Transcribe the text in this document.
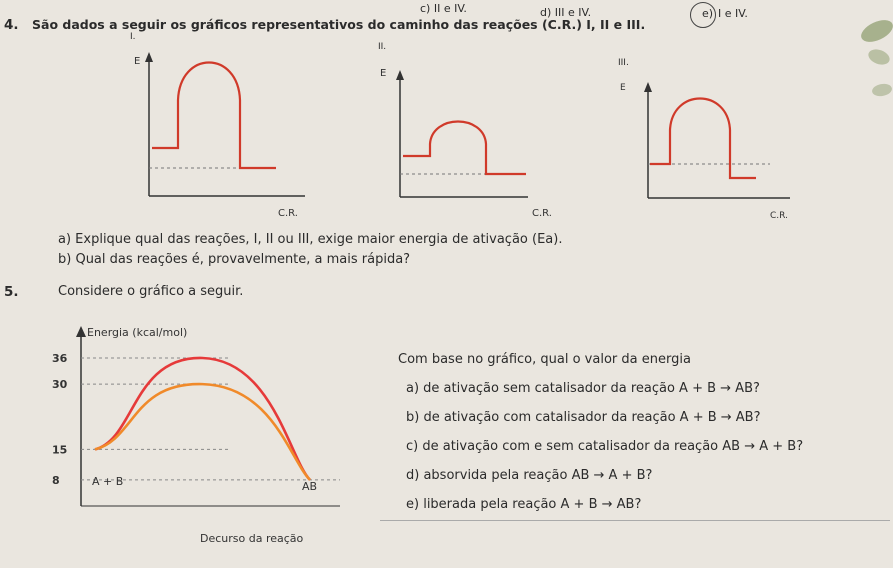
c) II e IV.	d) III e IV.	e) I e IV.
4. São dados a seguir os gráficos representativos do caminho das reações (C.R.) I, II e III.
I.
E
C.R.
II.
E
C.R.
III.
E
C.R.
a) Explique qual das reações, I, II ou III, exige maior energia de ativação (Ea).
b) Qual das reações é, provavelmente, a mais rápida?
5.	Considere o gráfico a seguir.
Energia (kcal/mol)
Decurso da reação
36
30
15
8	A + B	AB
Com base no gráfico, qual o valor da energia
a) de ativação sem catalisador da reação A + B → AB?
b) de ativação com catalisador da reação A + B → AB?
c) de ativação com e sem catalisador da reação AB → A + B?
d) absorvida pela reação AB → A + B?
e) liberada pela reação A + B → AB?
